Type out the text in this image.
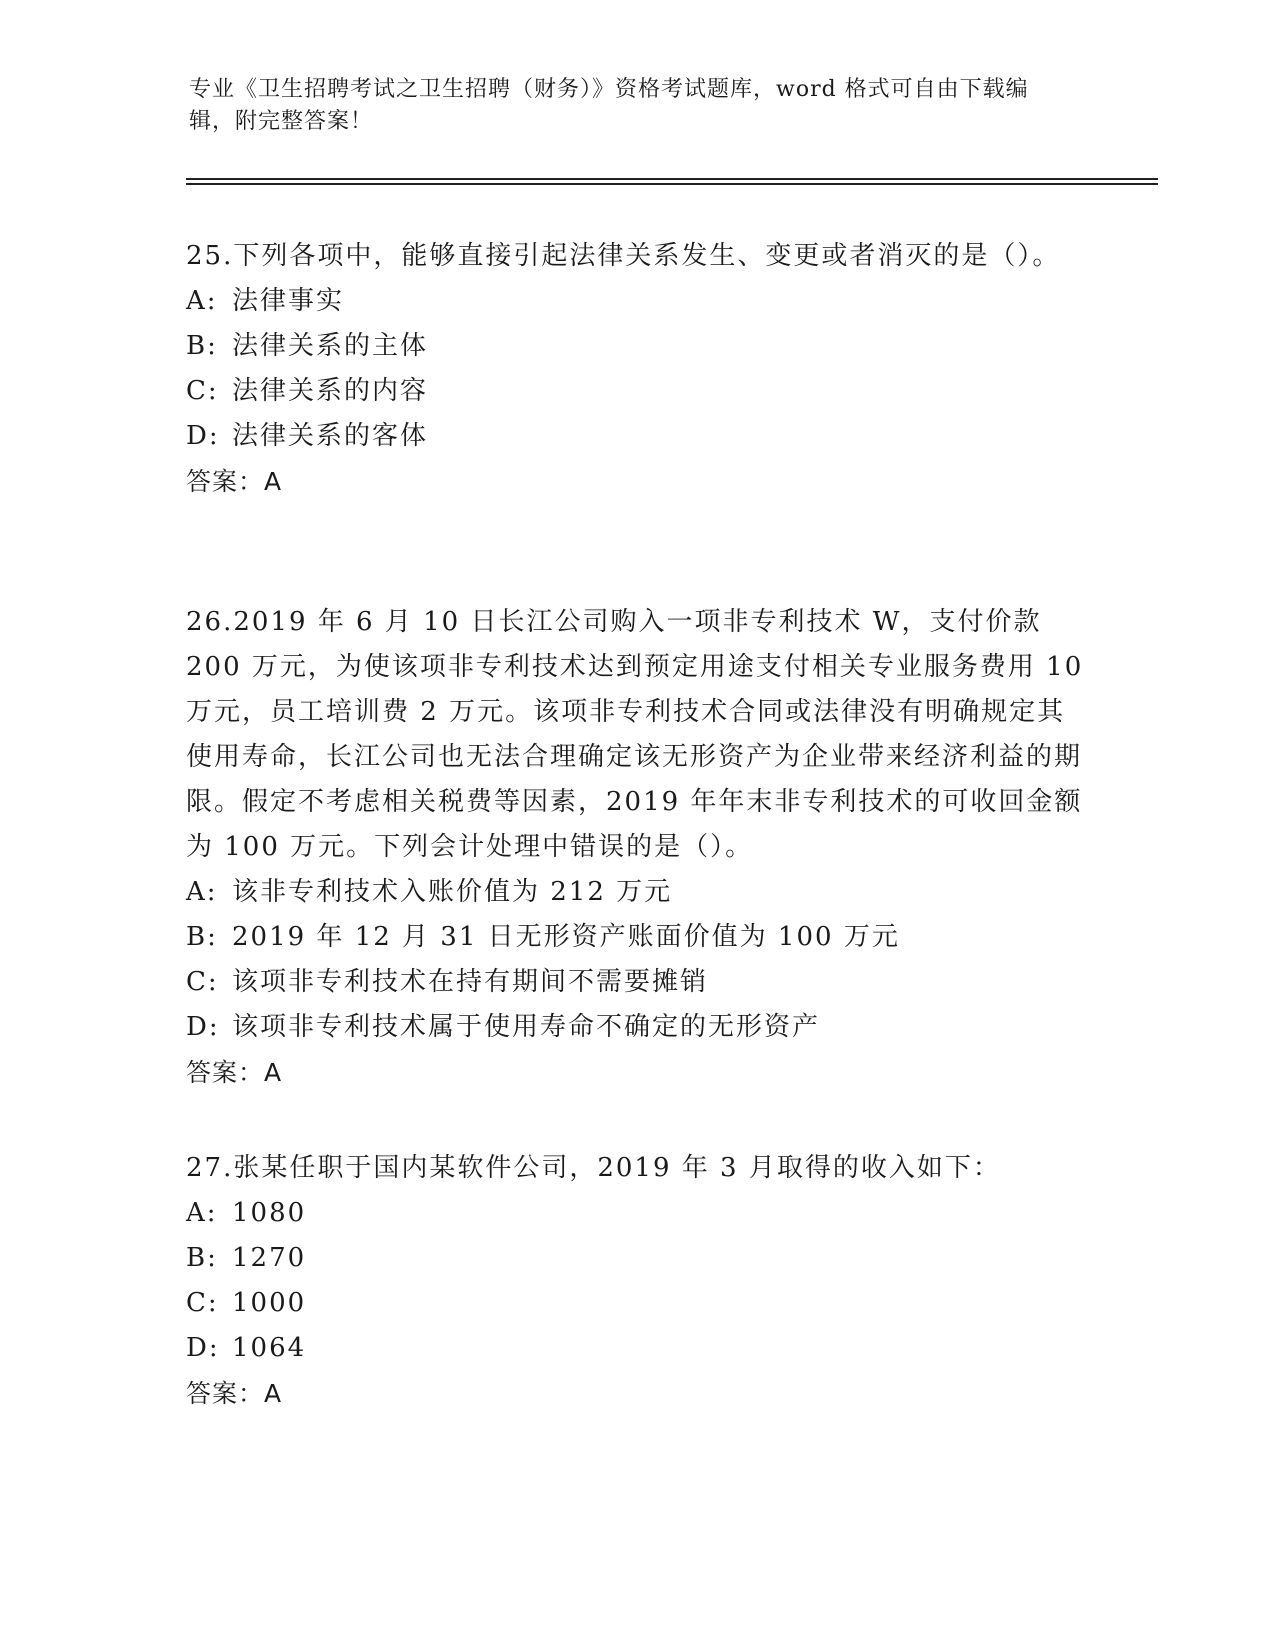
专业《卫生招聘考试之卫生招聘（财务）》资格考试题库，word 格式可自由下载编辑，附完整答案！

25.下列各项中，能够直接引起法律关系发生、变更或者消灭的是（）。

A: 法律事实

B: 法律关系的主体

C: 法律关系的内容

D: 法律关系的客体

答案：A

26.2019 年 6 月 10 日长江公司购入一项非专利技术 W，支付价款 200 万元，为使该项非专利技术达到预定用途支付相关专业服务费用 10 万元，员工培训费 2 万元。该项非专利技术合同或法律没有明确规定其使用寿命，长江公司也无法合理确定该无形资产为企业带来经济利益的期限。假定不考虑相关税费等因素，2019 年年末非专利技术的可收回金额为 100 万元。下列会计处理中错误的是（）。

A: 该非专利技术入账价值为 212 万元

B: 2019 年 12 月 31 日无形资产账面价值为 100 万元

C: 该项非专利技术在持有期间不需要摊销

D: 该项非专利技术属于使用寿命不确定的无形资产

答案：A

27.张某任职于国内某软件公司，2019 年 3 月取得的收入如下：

A: 1080

B: 1270

C: 1000

D: 1064

答案：A
